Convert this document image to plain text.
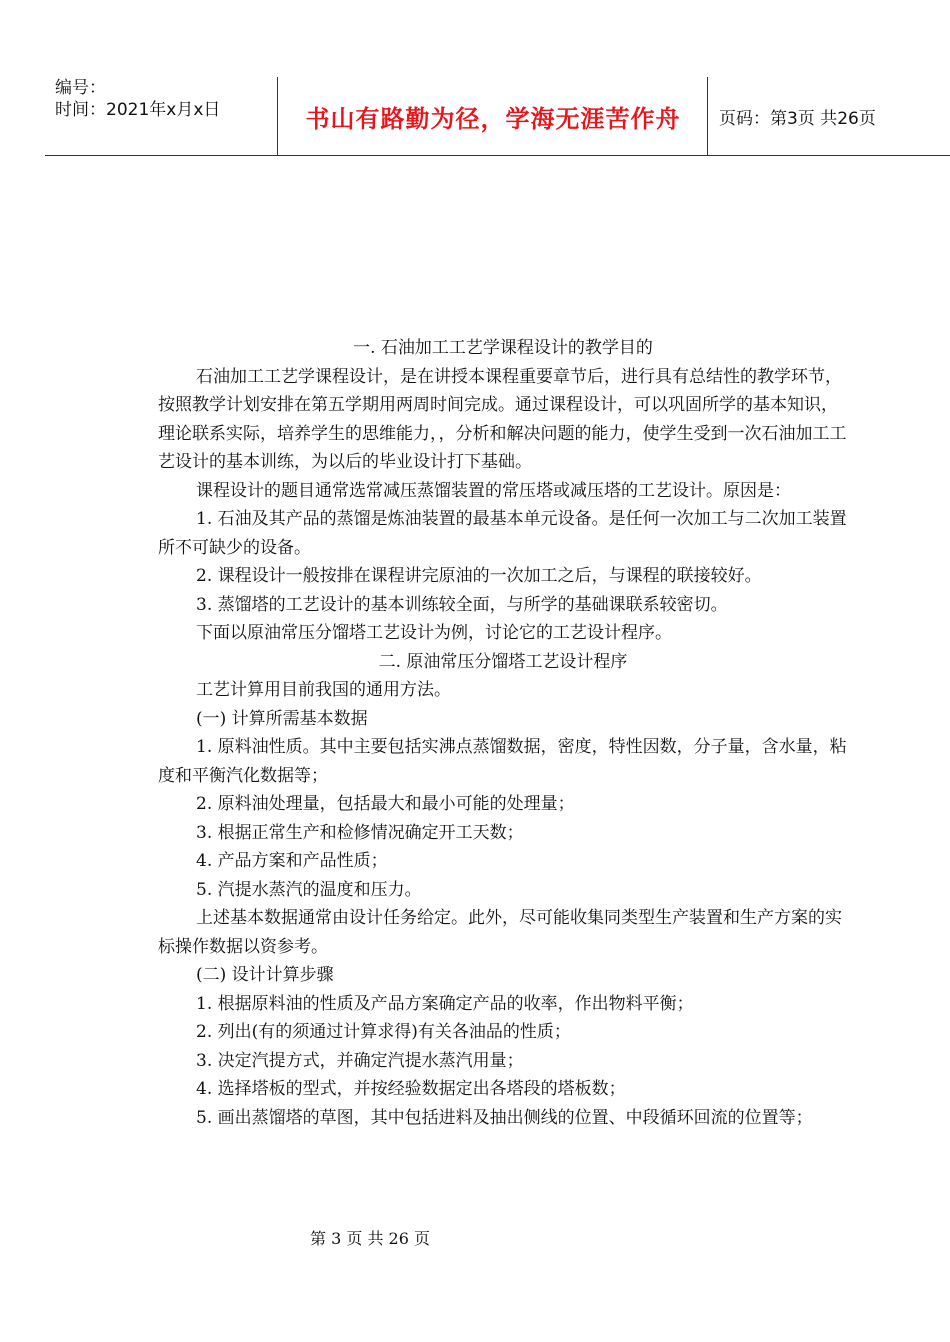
编号：
时间：2021年x月x日	书山有路勤为径，学海无涯苦作舟	页码：第3页 共26页

一. 石油加工工艺学课程设计的教学目的

石油加工工艺学课程设计，是在讲授本课程重要章节后，进行具有总结性的教学环节，按照教学计划安排在第五学期用两周时间完成。通过课程设计，可以巩固所学的基本知识，理论联系实际，培养学生的思维能力，，分析和解决问题的能力，使学生受到一次石油加工工艺设计的基本训练，为以后的毕业设计打下基础。

课程设计的题目通常选常减压蒸馏装置的常压塔或减压塔的工艺设计。原因是：

1. 石油及其产品的蒸馏是炼油装置的最基本单元设备。是任何一次加工与二次加工装置所不可缺少的设备。

2. 课程设计一般按排在课程讲完原油的一次加工之后，与课程的联接较好。

3. 蒸馏塔的工艺设计的基本训练较全面，与所学的基础课联系较密切。

下面以原油常压分馏塔工艺设计为例，讨论它的工艺设计程序。

二. 原油常压分馏塔工艺设计程序

工艺计算用目前我国的通用方法。

(一) 计算所需基本数据

1. 原料油性质。其中主要包括实沸点蒸馏数据，密度，特性因数，分子量，含水量，粘度和平衡汽化数据等；

2. 原料油处理量，包括最大和最小可能的处理量；

3. 根据正常生产和检修情况确定开工天数；

4. 产品方案和产品性质；

5. 汽提水蒸汽的温度和压力。

上述基本数据通常由设计任务给定。此外，尽可能收集同类型生产装置和生产方案的实标操作数据以资参考。

(二) 设计计算步骤

1. 根据原料油的性质及产品方案确定产品的收率，作出物料平衡；

2. 列出(有的须通过计算求得)有关各油品的性质；

3. 决定汽提方式，并确定汽提水蒸汽用量；

4. 选择塔板的型式，并按经验数据定出各塔段的塔板数；

5. 画出蒸馏塔的草图，其中包括进料及抽出侧线的位置、中段循环回流的位置等；

第 3 页 共 26 页
